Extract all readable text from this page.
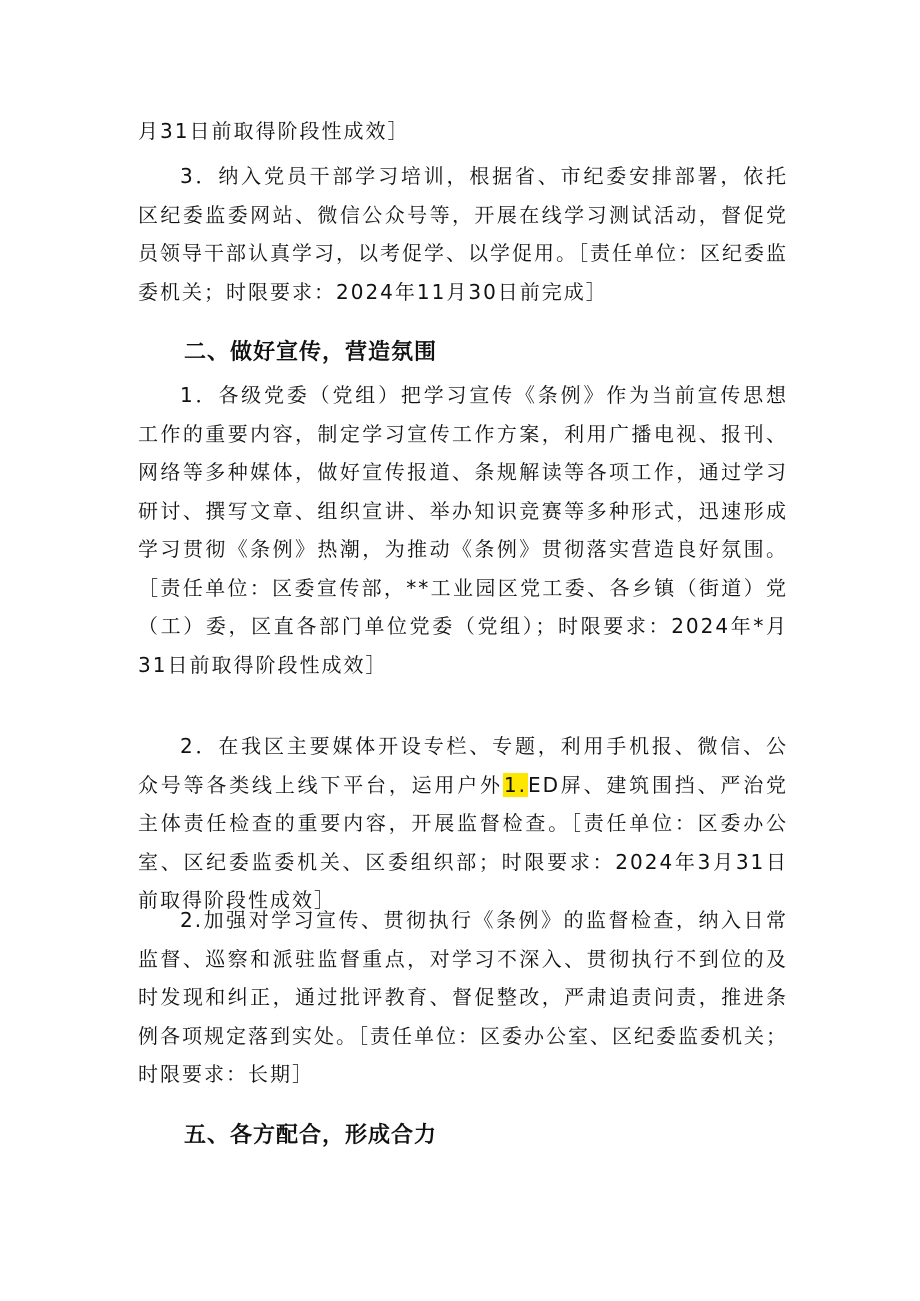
月31日前取得阶段性成效］

3．纳入党员干部学习培训，根据省、市纪委安排部署，依托区纪委监委网站、微信公众号等，开展在线学习测试活动，督促党员领导干部认真学习，以考促学、以学促用。［责任单位：区纪委监委机关；时限要求：2024年11月30日前完成］

二、做好宣传，营造氛围

1．各级党委（党组）把学习宣传《条例》作为当前宣传思想工作的重要内容，制定学习宣传工作方案，利用广播电视、报刊、网络等多种媒体，做好宣传报道、条规解读等各项工作，通过学习研讨、撰写文章、组织宣讲、举办知识竞赛等多种形式，迅速形成学习贯彻《条例》热潮，为推动《条例》贯彻落实营造良好氛围。［责任单位：区委宣传部，**工业园区党工委、各乡镇（街道）党（工）委，区直各部门单位党委（党组）；时限要求：2024年*月31日前取得阶段性成效］

2．在我区主要媒体开设专栏、专题，利用手机报、微信、公众号等各类线上线下平台，运用户外1.ED屏、建筑围挡、严治党主体责任检查的重要内容，开展监督检查。［责任单位：区委办公室、区纪委监委机关、区委组织部；时限要求：2024年3月31日前取得阶段性成效］

2.加强对学习宣传、贯彻执行《条例》的监督检查，纳入日常监督、巡察和派驻监督重点，对学习不深入、贯彻执行不到位的及时发现和纠正，通过批评教育、督促整改，严肃追责问责，推进条例各项规定落到实处。［责任单位：区委办公室、区纪委监委机关；时限要求：长期］

五、各方配合，形成合力
